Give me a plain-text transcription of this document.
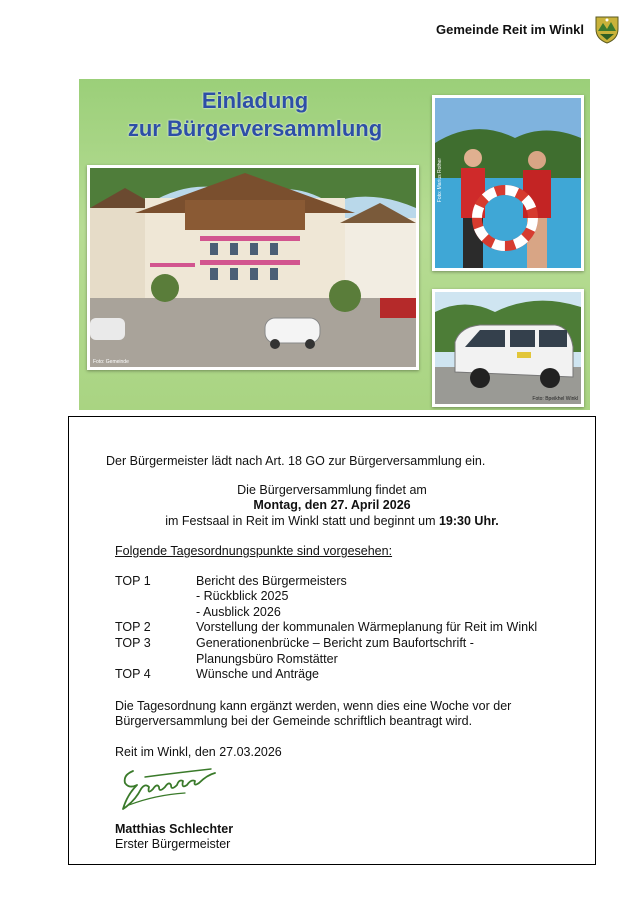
Gemeinde Reit im Winkl
Einladung
zur Bürgerversammlung
Foto: Gemeinde
Foto: Marius Rother
Foto: Bpeikhel Winkl
Der Bürgermeister lädt nach Art. 18 GO zur Bürgerversammlung ein.
Die Bürgerversammlung findet am
Montag, den 27. April 2026
im Festsaal in Reit im Winkl statt und beginnt um 19:30 Uhr.
Folgende Tagesordnungspunkte sind vorgesehen:
TOP 1	Bericht des Bürgermeisters
- Rückblick 2025
- Ausblick 2026
TOP 2	Vorstellung der kommunalen Wärmeplanung für Reit im Winkl
TOP 3	Generationenbrücke – Bericht zum Baufortschrift -
Planungsbüro Romstätter
TOP 4	Wünsche und Anträge
Die Tagesordnung kann ergänzt werden, wenn dies eine Woche vor der
Bürgerversammlung bei der Gemeinde schriftlich beantragt wird.
Reit im Winkl, den 27.03.2026
Matthias Schlechter
Erster Bürgermeister
